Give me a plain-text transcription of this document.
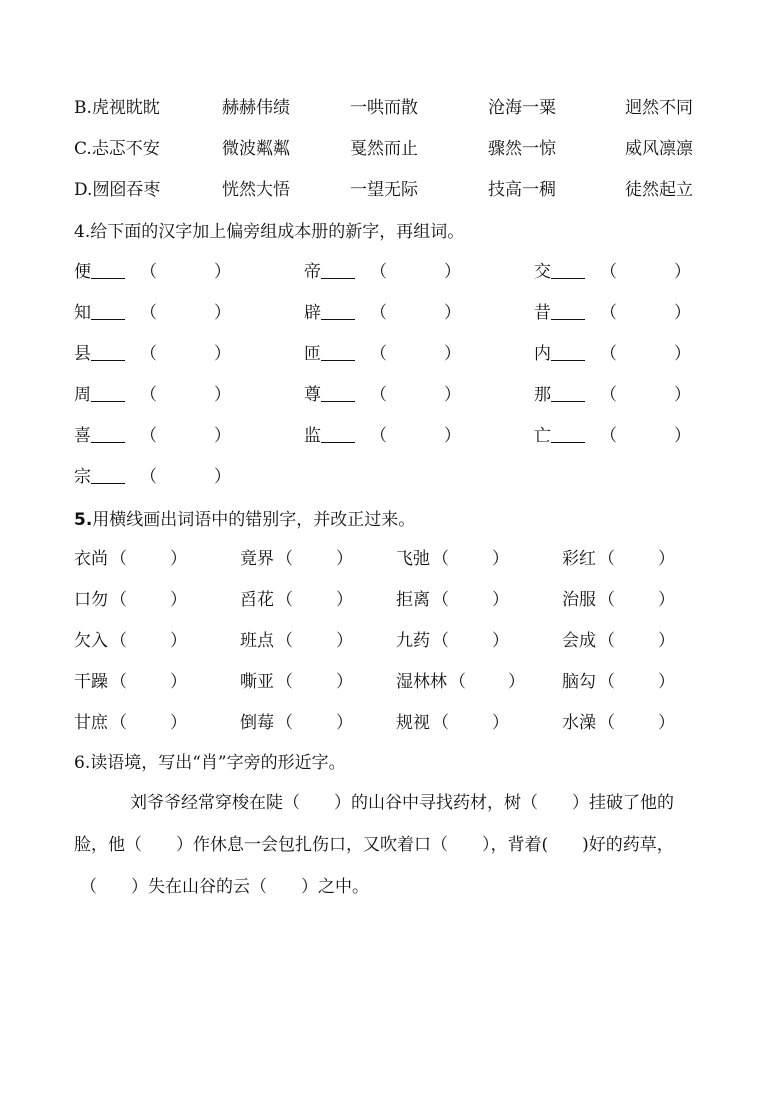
B.虎视眈眈	赫赫伟绩	一哄而散	沧海一粟	迥然不同
C.忐忑不安	微波粼粼	戛然而止	骤然一惊	威风凛凛
D.囫囵吞枣	恍然大悟	一望无际	技高一稠	徒然起立
4.给下面的汉字加上偏旁组成本册的新字，再组词。
便	（	）	帝	（	）	交	（	）
知	（	）	辟	（	）	昔	（	）
县	（	）	匝	（	）	内	（	）
周	（	）	尊	（	）	那	（	）
喜	（	）	监	（	）	亡	（	）
宗	（	）
5.用横线画出词语中的错别字，并改正过来。
衣尚 （	）	竟界 （	）	飞弛 （	）	彩红 （	）
口勿 （	）	舀花 （	）	拒离 （	）	治服 （	）
欠入 （	）	班点 （	）	九药 （	）	会成 （	）
干躁 （	）	嘶亚 （	）	湿林林 （ ） 脑勾 （	）
甘庶 （	）	倒莓 （	）	规视 （	）	水澡 （	）
6.读语境，写出“肖”字旁的形近字。
刘爷爷经常穿梭在陡（　　）的山谷中寻找药材，树（　　）挂破了他的
脸，他（　　）作休息一会包扎伤口，又吹着口（　　），背着(　　)好的药草，
（　　）失在山谷的云（　　）之中。
